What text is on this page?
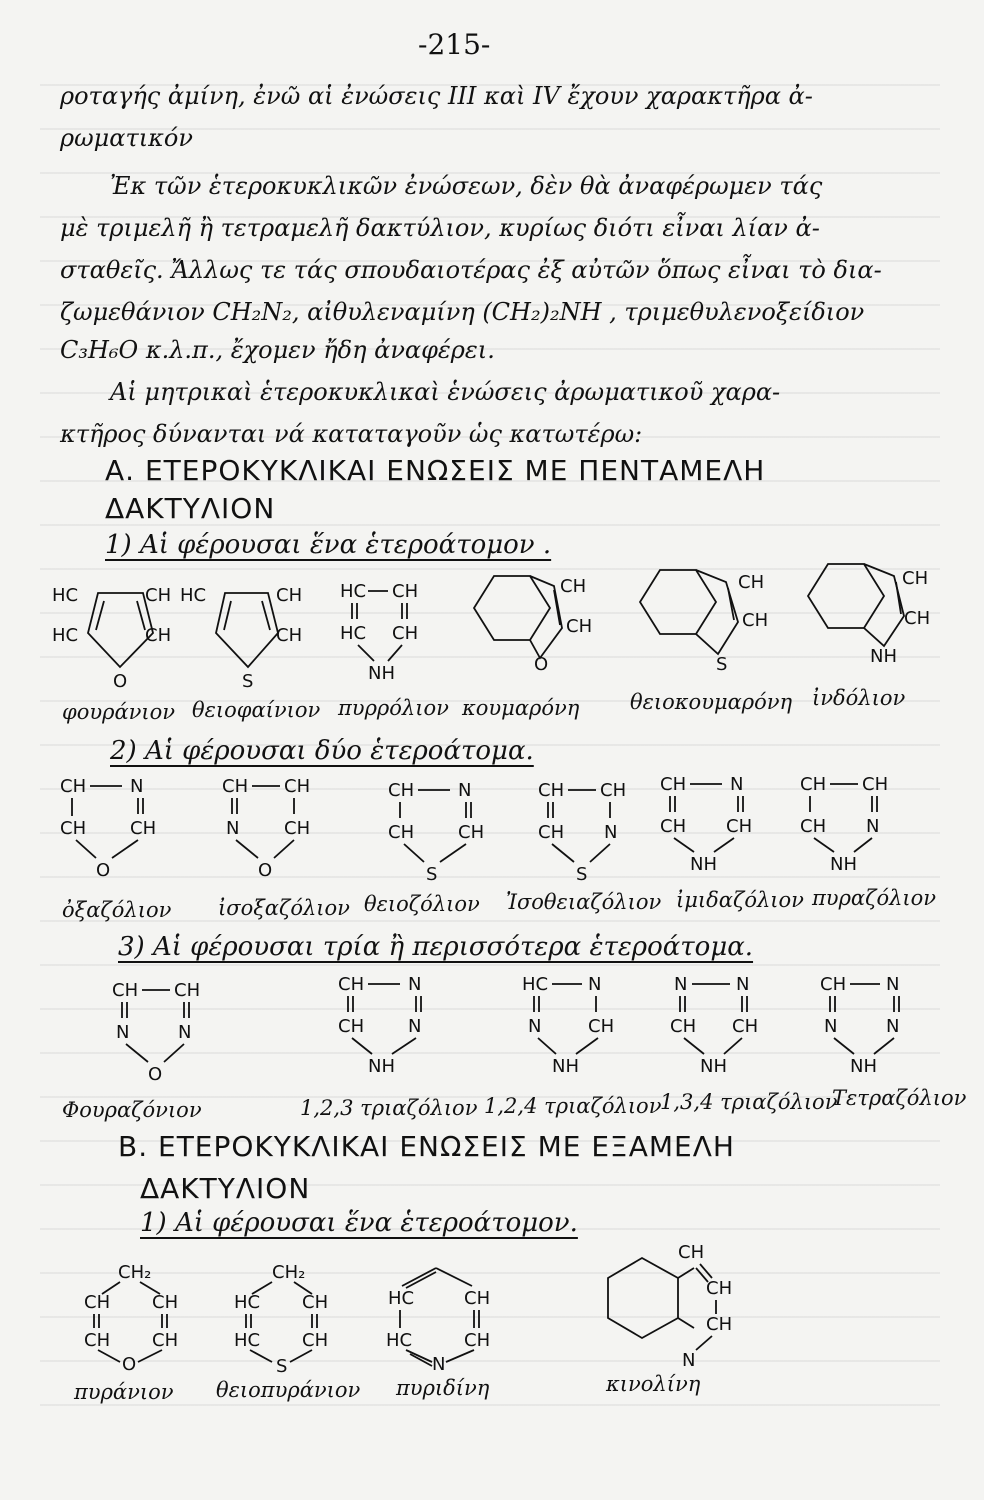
-215-
ροταγής ἀμίνη, ἐνῶ αἱ ἐνώσεις III καὶ IV ἔχουν χαρακτῆρα ἀ-
ρωματικόν
Ἐκ τῶν ἑτεροκυκλικῶν ἐνώσεων, δὲν θὰ ἀναφέρωμεν τάς
μὲ τριμελῆ ἢ τετραμελῆ δακτύλιον, κυρίως διότι εἶναι λίαν ἀ-
σταθεῖς. Ἄλλως τε τάς σπουδαιοτέρας ἐξ αὐτῶν ὅπως εἶναι τὸ δια-
ζωμεθάνιον CH₂N₂, αἰθυλεναμίνη (CH₂)₂NH , τριμεθυλενοξείδιον
C₃H₆O κ.λ.π., ἔχομεν ἤδη ἀναφέρει.
Αἱ μητρικαὶ ἑτεροκυκλικαὶ ἑνώσεις ἀρωματικοῦ χαρα-
κτῆρος δύνανται νά καταταγοῦν ὡς κατωτέρω:
Α. ΕΤΕΡΟΚΥΚΛΙΚΑΙ ΕΝΩΣΕΙΣ ΜΕ ΠΕΝΤΑΜΕΛΗ
ΔΑΚΤΥΛΙΟΝ
1) Αἱ φέρουσαι ἕνα ἑτεροάτομον .
HC	CH
HC	CH
O
HC	CH
CH
S
HC CH
HC CH
NH
CH
CH
O
CH
CH
S
CH
CH
NH
φουράνιον θειοφαίνιον πυρρόλιον κουμαρόνη θειοκουμαρόνη ἰνδόλιον
2) Αἱ φέρουσαι δύο ἑτεροάτομα.
CH N
CH CH
O
CH CH
N CH
O
CH N
CH CH
S
CH CH
CH N
S
CH N
CH CH
NH
CH CH
CH N
NH
ὀξαζόλιον ἰσοξαζόλιον θειοζόλιον Ἰσοθειαζόλιον ἰμιδαζόλιον πυραζόλιον
3) Αἱ φέρουσαι τρία ἢ περισσότερα ἑτεροάτομα.
CH CH
N	N
O
CH N
CH N
NH
HC N
N	CH
NH
N	N
CH CH
NH
CH N
N	N
NH
Φουραζόνιον	1,2,3 τριαζόλιον 1,2,4 τριαζόλιον
1,3,4 τριαζόλιον
Τετραζόλιον
Β. ΕΤΕΡΟΚΥΚΛΙΚΑΙ ΕΝΩΣΕΙΣ ΜΕ ΕΞΑΜΕΛΗ
ΔΑΚΤΥΛΙΟΝ
1) Αἱ φέρουσαι ἕνα ἑτεροάτομον.
CH₂
CH CH
CH CH
O
CH₂
HC CH
HC CH
S
HC	CH
HC	CH
N
CH
CH
CH
N
πυράνιον θειοπυράνιον πυριδίνη	κινολίνη
